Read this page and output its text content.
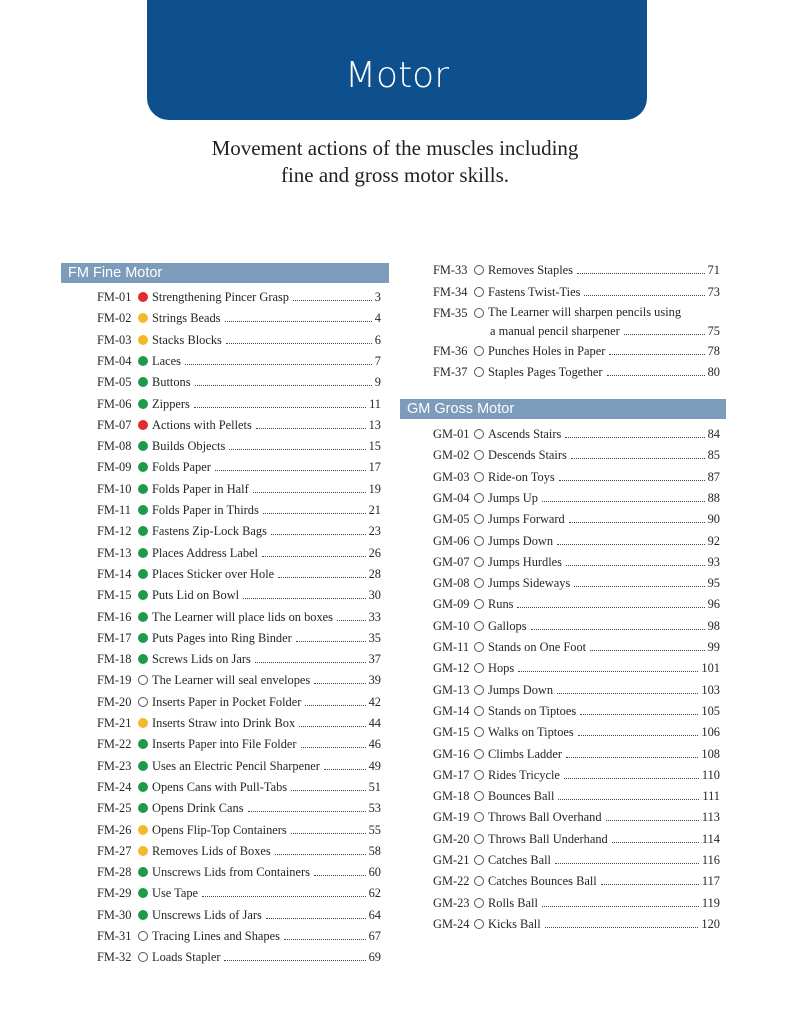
Motor
Movement actions of the muscles including
fine and gross motor skills.
FM Fine Motor
FM-01	Strengthening Pincer Grasp	3
FM-02	Strings Beads	4
FM-03	Stacks Blocks	6
FM-04	Laces	7
FM-05	Buttons	9
FM-06	Zippers	11
FM-07	Actions with Pellets	13
FM-08	Builds Objects	15
FM-09	Folds Paper	17
FM-10	Folds Paper in Half	19
FM-11	Folds Paper in Thirds	21
FM-12	Fastens Zip-Lock Bags	23
FM-13	Places Address Label	26
FM-14	Places Sticker over Hole	28
FM-15	Puts Lid on Bowl	30
FM-16	The Learner will place lids on boxes	33
FM-17	Puts Pages into Ring Binder	35
FM-18	Screws Lids on Jars	37
FM-19	The Learner will seal envelopes	39
FM-20	Inserts Paper in Pocket Folder	42
FM-21	Inserts Straw into Drink Box	44
FM-22	Inserts Paper into File Folder	46
FM-23	Uses an Electric Pencil Sharpener	49
FM-24	Opens Cans with Pull-Tabs	51
FM-25	Opens Drink Cans	53
FM-26	Opens Flip-Top Containers	55
FM-27	Removes Lids of Boxes	58
FM-28	Unscrews Lids from Containers	60
FM-29	Use Tape	62
FM-30	Unscrews Lids of Jars	64
FM-31	Tracing Lines and Shapes	67
FM-32	Loads Stapler	69
FM-33	Removes Staples	71
FM-34	Fastens Twist-Ties	73
FM-35	The Learner will sharpen pencils using
a manual pencil sharpener	75
FM-36	Punches Holes in Paper	78
FM-37	Staples Pages Together	80
GM Gross Motor
GM-01	Ascends Stairs	84
GM-02	Descends Stairs	85
GM-03	Ride-on Toys	87
GM-04	Jumps Up	88
GM-05	Jumps Forward	90
GM-06	Jumps Down	92
GM-07	Jumps Hurdles	93
GM-08	Jumps Sideways	95
GM-09	Runs	96
GM-10	Gallops	98
GM-11	Stands on One Foot	99
GM-12	Hops	101
GM-13	Jumps Down	103
GM-14	Stands on Tiptoes	105
GM-15	Walks on Tiptoes	106
GM-16	Climbs Ladder	108
GM-17	Rides Tricycle	110
GM-18	Bounces Ball	111
GM-19	Throws Ball Overhand	113
GM-20	Throws Ball Underhand	114
GM-21	Catches Ball	116
GM-22	Catches Bounces Ball	117
GM-23	Rolls Ball	119
GM-24	Kicks Ball	120
